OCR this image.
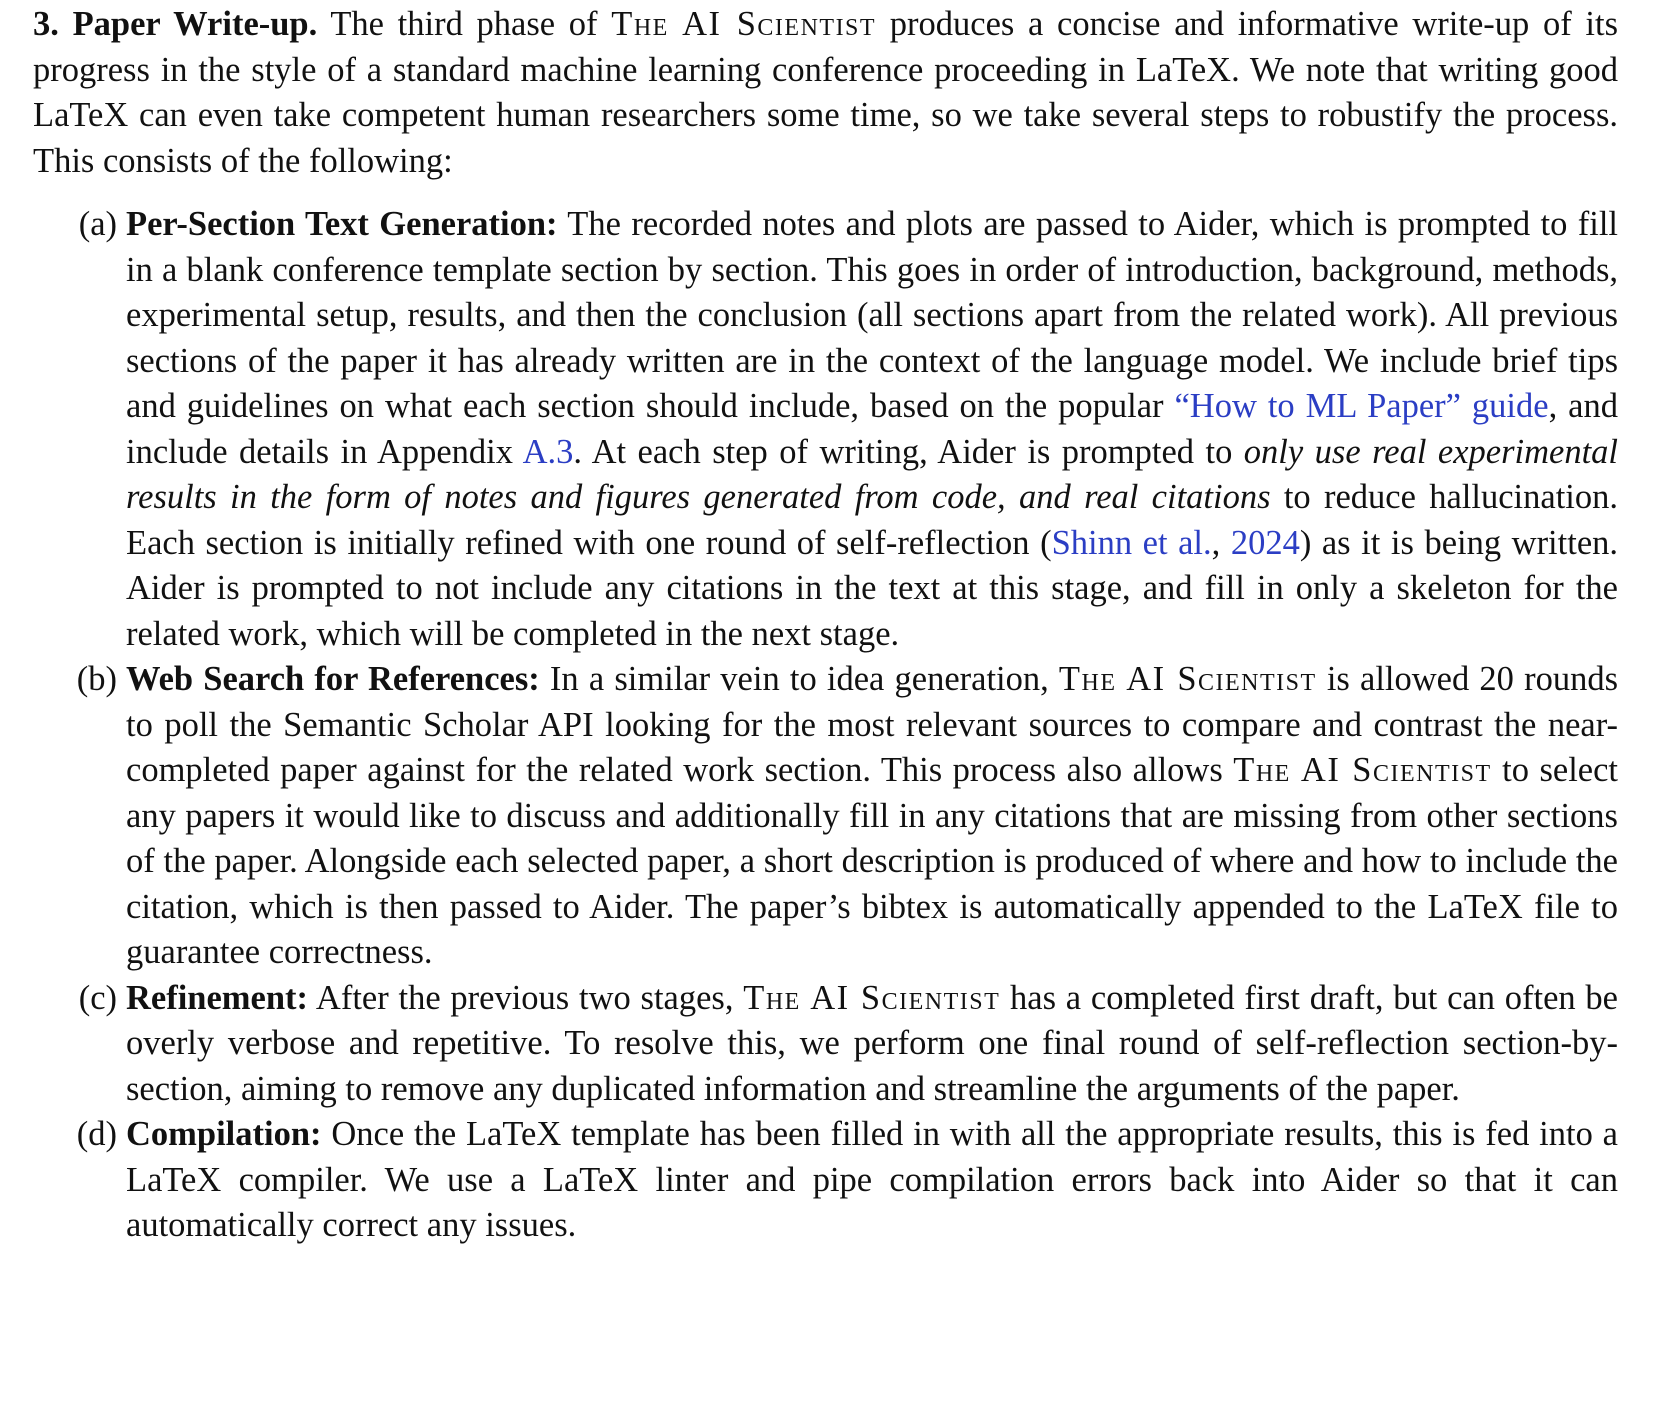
3. Paper Write-up. The third phase of The AI Scientist produces a concise and informative write-up of its progress in the style of a standard machine learning conference proceeding in LaTeX. We note that writing good LaTeX can even take competent human researchers some time, so we take several steps to robustify the process. This consists of the following:

(a) Per-Section Text Generation: The recorded notes and plots are passed to Aider, which is prompted to fill in a blank conference template section by section. This goes in order of introduction, background, methods, experimental setup, results, and then the conclusion (all sections apart from the related work). All previous sections of the paper it has already written are in the context of the language model. We include brief tips and guidelines on what each section should include, based on the popular “How to ML Paper” guide, and include details in Appendix A.3. At each step of writing, Aider is prompted to only use real experimental results in the form of notes and figures generated from code, and real citations to reduce hallucination. Each section is initially refined with one round of self-reflection (Shinn et al., 2024) as it is being written. Aider is prompted to not include any citations in the text at this stage, and fill in only a skeleton for the related work, which will be completed in the next stage.
(b) Web Search for References: In a similar vein to idea generation, The AI Scientist is allowed 20 rounds to poll the Semantic Scholar API looking for the most relevant sources to compare and contrast the near-completed paper against for the related work section. This process also allows The AI Scientist to select any papers it would like to discuss and additionally fill in any citations that are missing from other sections of the paper. Alongside each selected paper, a short description is produced of where and how to include the citation, which is then passed to Aider. The paper’s bibtex is automatically appended to the LaTeX file to guarantee correctness.
(c) Refinement: After the previous two stages, The AI Scientist has a completed first draft, but can often be overly verbose and repetitive. To resolve this, we perform one final round of self-reflection section-by-section, aiming to remove any duplicated information and streamline the arguments of the paper.
(d) Compilation: Once the LaTeX template has been filled in with all the appropriate results, this is fed into a LaTeX compiler. We use a LaTeX linter and pipe compilation errors back into Aider so that it can automatically correct any issues.
